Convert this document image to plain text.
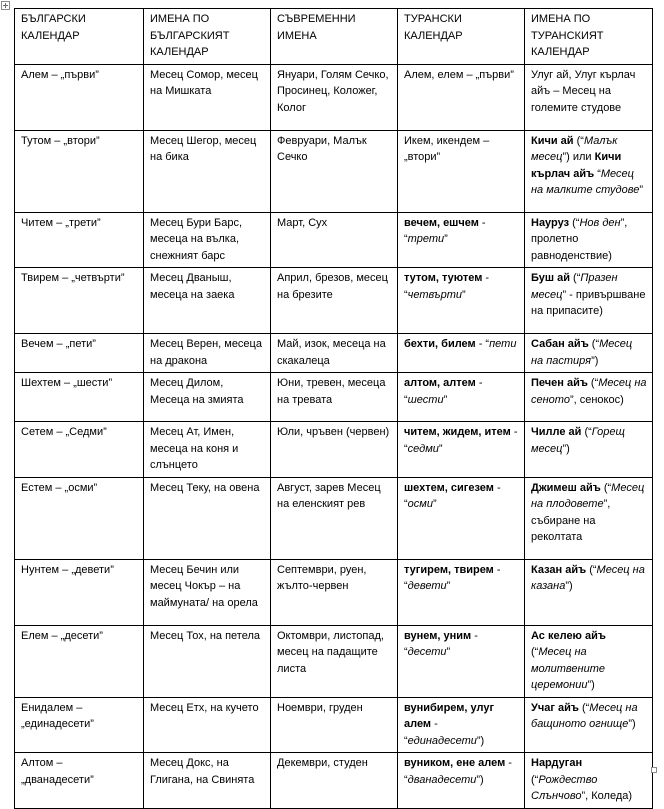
БЪЛГАРСКИ КАЛЕНДАР	ИМЕНА ПО БЪЛГАРСКИЯТ КАЛЕНДАР	СЪВРЕМЕННИ ИМЕНА	ТУРАНСКИ КАЛЕНДАР	ИМЕНА ПО ТУРАНСКИЯТ КАЛЕНДАР
Алем – „първи”	Месец Сомор, месец на Мишката	Януари, Голям Сечко, Просинец, Коложег, Колог	Алем, елем – „първи”	Улуг ай, Улуг кърлач айъ – Месец на големите студове
Тутом – „втори”	Месец Шегор, месец на бика	Февруари, Малък Сечко	Икем, икендем – „втори”	Кичи ай (“Малък месец”) или Кичи кърлач айъ “Месец на малките студове”
Читем – „трети”	Месец Бури Барс, месеца на вълка, снежният барс	Март, Сух	вечем, ешчем - “трети”	Науруз (“Нов ден”, пролетно равноденствие)
Твирем – „четвърти”	Месец Дваныш, месеца на заека	Април, брезов, месец на брезите	тутом, туютем - “четвърти”	Буш ай (“Празен месец” - привършване на припасите)
Вечем – „пети”	Месец Верен, месеца на дракона	Май, изок, месеца на скакалеца	бехти, билем - “пети	Сабан айъ (“Месец на пастиря”)
Шехтем – „шести”	Месец Дилом, Месеца на змията	Юни, тревен, месеца на тревата	алтом, алтем - “шести”	Печен айъ (“Месец на сеното”, сенокос)
Сетем – „Седми”	Месец Ат, Имен, месеца на коня и слънцето	Юли, чръвен (червен)	читем, жидем, итем - “седми”	Чилле ай (“Горещ месец”)
Естем – „осми”	Месец Теку, на овена	Август, зарев Месец на еленският рев	шехтем, сигезем - “осми”	Джимеш айъ (“Месец на плодовете”, събиране на реколтата
Нунтем – „девети”	Месец Бечин или месец Чокър – на маймуната/ на орела	Септември, руен, жълто-червен	тугирем, твирем - “девети”	Казан айъ (“Месец на казана”)
Елем – „десети”	Месец Тох, на петела	Октомври, листопад, месец на падащите листа	вунем, уним - “десети”	Ас келею айъ (“Месец на молитвените церемонии”)
Енидалем – „единадесети”	Месец Етх, на кучето	Ноември, груден	вунибирем, улуг алем - “единадесети”)	Учаг айъ (“Месец на бащиното огнище”)
Алтом – „дванадесети”	Месец Докс, на Глигана, на Свинята	Декември, студен	вуником, ене алем - “дванадесети”)	Нардуган (“Рождество Слънчово”, Коледа)
